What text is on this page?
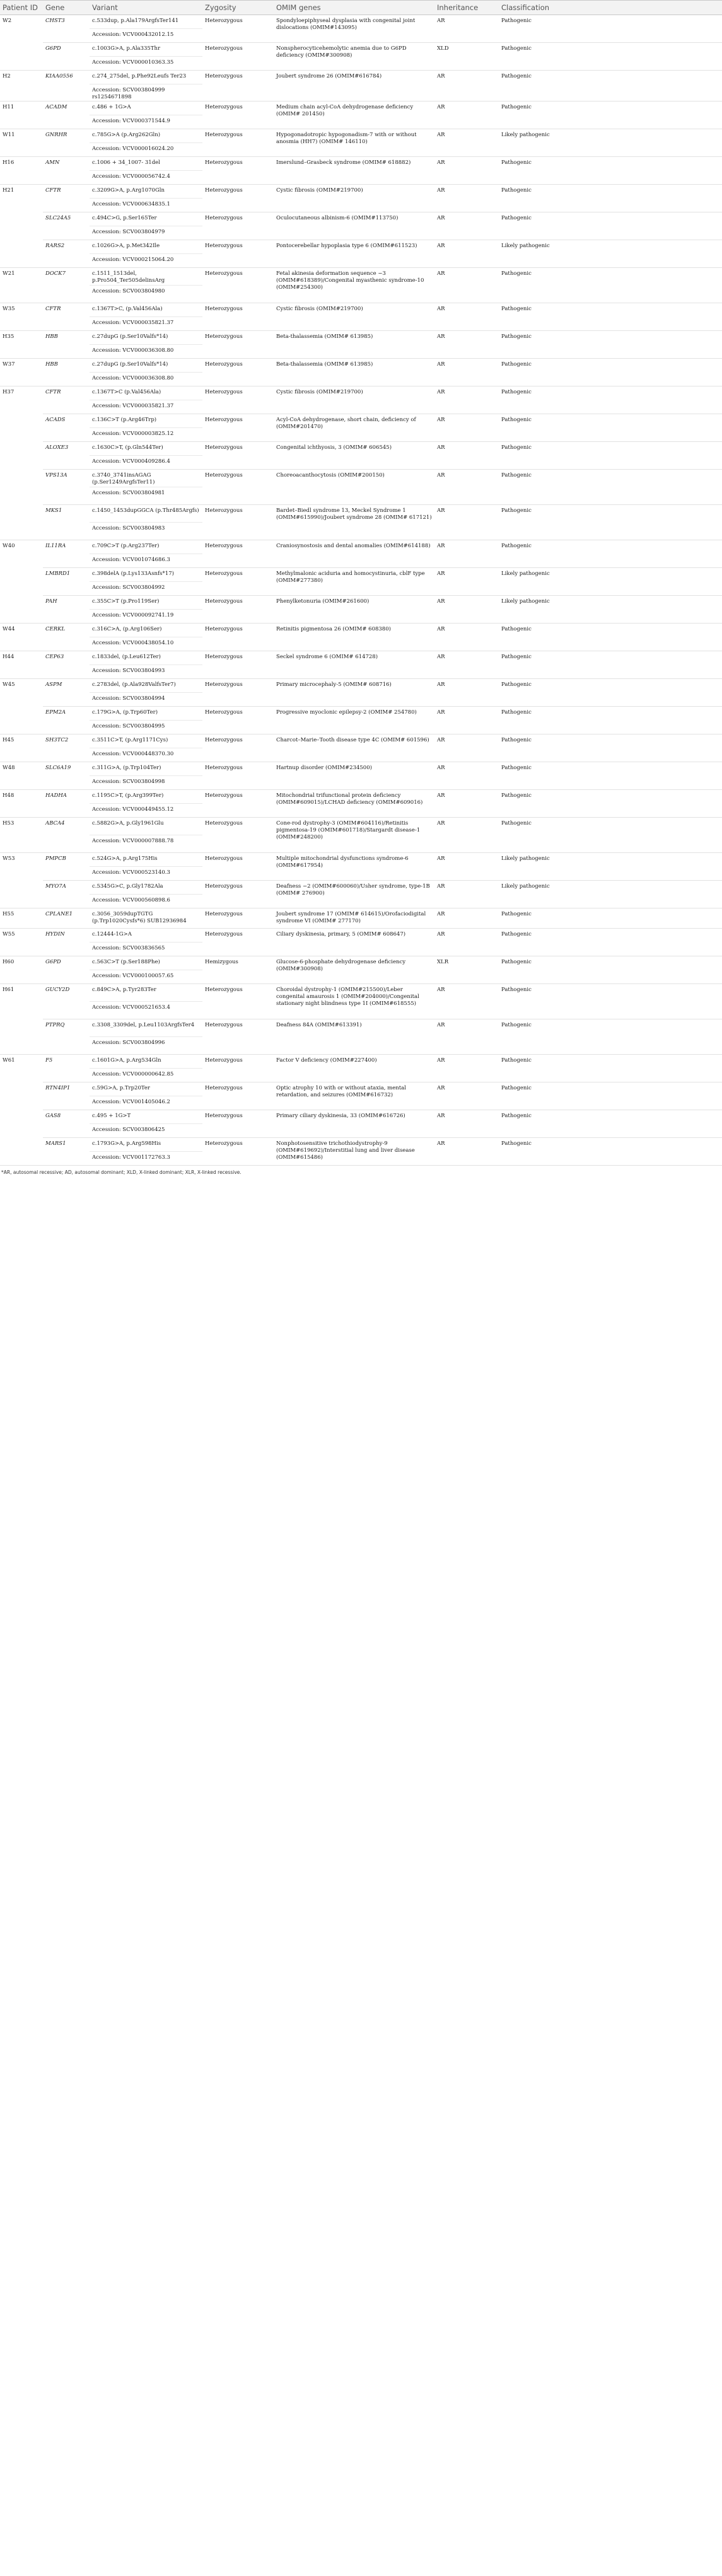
Patient ID	Gene	Variant	Zygosity	OMIM genes	Inheritance	Classification
W2	CHST3	c.533dup, p.Ala179ArgfsTer141	Heterozygous	Spondyloepiphyseal dysplasia with congenital joint dislocations (OMIM#143095)	AR	Pathogenic
		Accession: VCV000432012.15				
	G6PD	c.1003G>A, p.Ala335Thr	Heterozygous	Nonspherocyticehemolytic anemia due to G6PD deficiency (OMIM#300908)	XLD	Pathogenic
		Accession: VCV000010363.35				
H2	KIAA0556	c.274_275del, p.Phe92Leufs Ter23	Heterozygous	Joubert syndrome 26 (OMIM#616784)	AR	Pathogenic
		Accession: SCV003804999 rs1254671898				
H11	ACADM	c.486 + 1G>A	Heterozygous	Medium chain acyl-CoA dehydrogenase deficiency (OMIM# 201450)	AR	Pathogenic
		Accession: VCV000371544.9				
W11	GNRHR	c.785G>A (p.Arg262Gln)	Heterozygous	Hypogonadotropic hypogonadism-7 with or without anosmia (HH7) (OMIM# 146110)	AR	Likely pathogenic
		Accession: VCV000016024.20				
H16	AMN	c.1006 + 34_1007- 31del	Heterozygous	Imerslund–Grasbeck syndrome (OMIM# 618882)	AR	Pathogenic
		Accession: VCV000056742.4				
H21	CFTR	c.3209G>A, p.Arg1070Gln	Heterozygous	Cystic fibrosis (OMIM#219700)	AR	Pathogenic
		Accession: VCV000634835.1				
	SLC24A5	c.494C>G, p.Ser165Ter	Heterozygous	Oculocutaneous albinism-6 (OMIM#113750)	AR	Pathogenic
		Accession: SCV003804979				
	RARS2	c.1026G>A, p.Met342Ile	Heterozygous	Pontocerebellar hypoplasia type 6 (OMIM#611523)	AR	Likely pathogenic
		Accession: VCV000215064.20				
W21	DOCK7	c.1511_1513del, p.Pro504_Ter505delinsArg	Heterozygous	Fetal akinesia deformation sequence −3 (OMIM#618389)/Congenital myasthenic syndrome-10 (OMIM#254300)	AR	Pathogenic
		Accession: SCV003804980				
W35	CFTR	c.1367T>C, (p.Val456Ala)	Heterozygous	Cystic fibrosis (OMIM#219700)	AR	Pathogenic
		Accession: VCV000035821.37				
H35	HBB	c.27dupG (p.Ser10Valfs*14)	Heterozygous	Beta-thalassemia (OMIM# 613985)	AR	Pathogenic
		Accession: VCV000036308.80				
W37	HBB	c.27dupG (p.Ser10Valfs*14)	Heterozygous	Beta-thalassemia (OMIM# 613985)	AR	Pathogenic
		Accession: VCV000036308.80				
H37	CFTR	c.1367T>C (p.Val456Ala)	Heterozygous	Cystic fibrosis (OMIM#219700)	AR	Pathogenic
		Accession: VCV000035821.37				
	ACADS	c.136C>T (p.Arg46Trp)	Heterozygous	Acyl-CoA dehydrogenase, short chain, deficiency of (OMIM#201470)	AR	Pathogenic
		Accession: VCV000003825.12				
	ALOXE3	c.1630C>T, (p.Gln544Ter)	Heterozygous	Congenital ichthyosis, 3 (OMIM# 606545)	AR	Pathogenic
		Accession: VCV000409286.4				
	VPS13A	c.3740_3741insAGAG (p.Ser1249ArgfsTer11)	Heterozygous	Choreoacanthocytosis (OMIM#200150)	AR	Pathogenic
		Accession: SCV003804981				
	MKS1	c.1450_1453dupGGCA (p.Thr485Argfs)	Heterozygous	Bardet–Biedl syndrome 13, Meckel Syndrome 1 (OMIM#615990)/Joubert syndrome 28 (OMIM# 617121)	AR	Pathogenic
		Accession: SCV003804983				
W40	IL11RA	c.709C>T (p.Arg237Ter)	Heterozygous	Craniosynostosis and dental anomalies (OMIM#614188)	AR	Pathogenic
		Accession: VCV001074686.3				
	LMBRD1	c.398delA (p.Lys133Asnfs*17)	Heterozygous	Methylmalonic aciduria and homocystinuria, cblF type (OMIM#277380)	AR	Likely pathogenic
		Accession: SCV003804992				
	PAH	c.355C>T (p.Pro119Ser)	Heterozygous	Phenylketonuria (OMIM#261600)	AR	Likely pathogenic
		Accession: VCV000092741.19				
W44	CERKL	c.316C>A, (p.Arg106Ser)	Heterozygous	Retinitis pigmentosa 26 (OMIM# 608380)	AR	Pathogenic
		Accession: VCV000438054.10				
H44	CEP63	c.1833del, (p.Leu612Ter)	Heterozygous	Seckel syndrome 6 (OMIM# 614728)	AR	Pathogenic
		Accession: SCV003804993				
W45	ASPM	c.2783del, (p.Ala928ValfsTer7)	Heterozygous	Primary microcephaly-5 (OMIM# 608716)	AR	Pathogenic
		Accession: SCV003804994				
	EPM2A	c.179G>A, (p.Trp60Ter)	Heterozygous	Progressive myoclonic epilepsy-2 (OMIM# 254780)	AR	Pathogenic
		Accession: SCV003804995				
H45	SH3TC2	c.3511C>T, (p.Arg1171Cys)	Heterozygous	Charcot–Marie–Tooth disease type 4C (OMIM# 601596)	AR	Pathogenic
		Accession: VCV000448370.30				
W48	SLC6A19	c.311G>A, (p.Trp104Ter)	Heterozygous	Hartnup disorder (OMIM#234500)	AR	Pathogenic
		Accession: SCV003804998				
H48	HADHA	c.1195C>T, (p.Arg399Ter)	Heterozygous	Mitochondrial trifunctional protein deficiency (OMIM#609015)/LCHAD deficiency (OMIM#609016)	AR	Pathogenic
		Accession: VCV000449455.12				
H53	ABCA4	c.5882G>A, p.Gly1961Glu	Heterozygous	Cone-rod dystrophy-3 (OMIM#604116)/Retinitis pigmentosa-19 (OMIM#601718)/Stargardt disease-1 (OMIM#248200)	AR	Pathogenic
		Accession: VCV000007888.78				
W53	PMPCB	c.524G>A, p.Arg175His	Heterozygous	Multiple mitochondrial dysfunctions syndrome-6 (OMIM#617954)	AR	Likely pathogenic
		Accession: VCV000523140.3				
	MYO7A	c.5345G>C, p.Gly1782Ala	Heterozygous	Deafness −2 (OMIM#600060)/Usher syndrome, type-1B (OMIM# 276900)	AR	Likely pathogenic
		Accession: VCV000560898.6				
H55	CPLANE1	c.3056_3059dupTGTG (p.Trp1020Cysfs*6) SUB12936984	Heterozygous	Joubert syndrome 17 (OMIM# 614615)/Orofaciodigital syndrome VI (OMIM# 277170)	AR	Pathogenic
W55	HYDIN	c.12444-1G>A	Heterozygous	Ciliary dyskinesia, primary, 5 (OMIM# 608647)	AR	Pathogenic
		Accession: SCV003836565				
H60	G6PD	c.563C>T (p.Ser188Phe)	Hemizygous	Glucose-6-phosphate dehydrogenase deficiency (OMIM#300908)	XLR	Pathogenic
		Accession: VCV000100057.65				
H61	GUCY2D	c.849C>A, p.Tyr283Ter	Heterozygous	Choroidal dystrophy-1 (OMIM#215500)/Leber congenital amaurosis 1 (OMIM#204000)/Congenital stationary night blindness type 1I (OMIM#618555)	AR	Pathogenic
		Accession: VCV000521653.4				
	PTPRQ	c.3308_3309del, p.Leu1103ArgfsTer4	Heterozygous	Deafness 84A (OMIM#613391)	AR	Pathogenic
		Accession: SCV003804996				
W61	F5	c.1601G>A, p.Arg534Gln	Heterozygous	Factor V deficiency (OMIM#227400)	AR	Pathogenic
		Accession: VCV000000642.85				
	RTN4IP1	c.59G>A, p.Trp20Ter	Heterozygous	Optic atrophy 10 with or without ataxia, mental retardation, and seizures (OMIM#616732)	AR	Pathogenic
		Accession: VCV001405046.2				
	GAS8	c.495 + 1G>T	Heterozygous	Primary ciliary dyskinesia, 33 (OMIM#616726)	AR	Pathogenic
		Accession: SCV003806425				
	MARS1	c.1793G>A, p.Arg598His	Heterozygous	Nonphotosensitive trichothiodystrophy-9 (OMIM#619692)/Interstitial lung and liver disease (OMIM#615486)	AR	Pathogenic
		Accession: VCV001172763.3				
*AR, autosomal recessive; AD, autosomal dominant; XLD, X-linked dominant; XLR, X-linked recessive.
